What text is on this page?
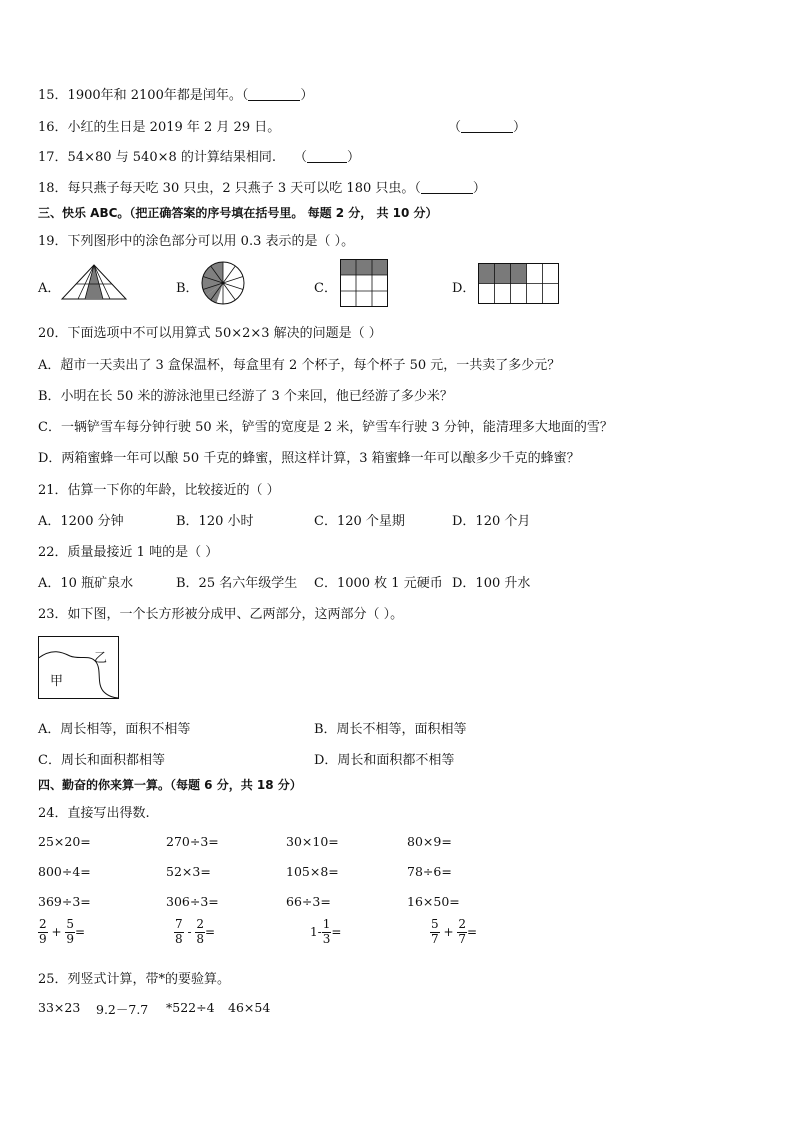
15．1900年和 2100年都是闰年。（	）
16．小红的生日是 2019 年 2 月 29 日。	（	）
17．54×80 与 540×8 的计算结果相同. （	）
18．每只燕子每天吃 30 只虫，2 只燕子 3 天可以吃 180 只虫。（	）
三、快乐 ABC。（把正确答案的序号填在括号里。 每题 2 分， 共 10 分）
19．下列图形中的涂色部分可以用 0.3 表示的是（ ）。
A．	B．	C．	D．
20．下面选项中不可以用算式 50×2×3 解决的问题是（ ）
A．超市一天卖出了 3 盒保温杯，每盒里有 2 个杯子，每个杯子 50 元，一共卖了多少元？
B．小明在长 50 米的游泳池里已经游了 3 个来回，他已经游了多少米？
C．一辆铲雪车每分钟行驶 50 米，铲雪的宽度是 2 米，铲雪车行驶 3 分钟，能清理多大地面的雪？
D．两箱蜜蜂一年可以酿 50 千克的蜂蜜，照这样计算，3 箱蜜蜂一年可以酿多少千克的蜂蜜？
21．估算一下你的年龄，比较接近的（ ）
A．1200 分钟	B．120 小时	C．120 个星期	D．120 个月
22．质量最接近 1 吨的是（ ）
A．10 瓶矿泉水	B．25 名六年级学生 C．1000 枚 1 元硬币 D．100 升水
23．如下图，一个长方形被分成甲、乙两部分，这两部分（ ）。
乙
甲
A．周长相等，面积不相等	B．周长不相等，面积相等
C．周长和面积都相等	D．周长和面积都不相等
四、勤奋的你来算一算。（每题 6 分，共 18 分）
24．直接写出得数.
25×20=	270÷3=	30×10=	80×9=
800÷4=	52×3=	105×8=	78÷6=
369÷3=	306÷3=	66÷3=	16×50=
$\frac{2}{9} + \frac{5}{9}$ =	$\frac{7}{8} - \frac{2}{8}$ =	$1- \frac{1}{3}$ =	$\frac{5}{7} + \frac{2}{7}$ =
25．列竖式计算，带*的要验算。
33×23 9.2－7.7 *522÷4 46×54
